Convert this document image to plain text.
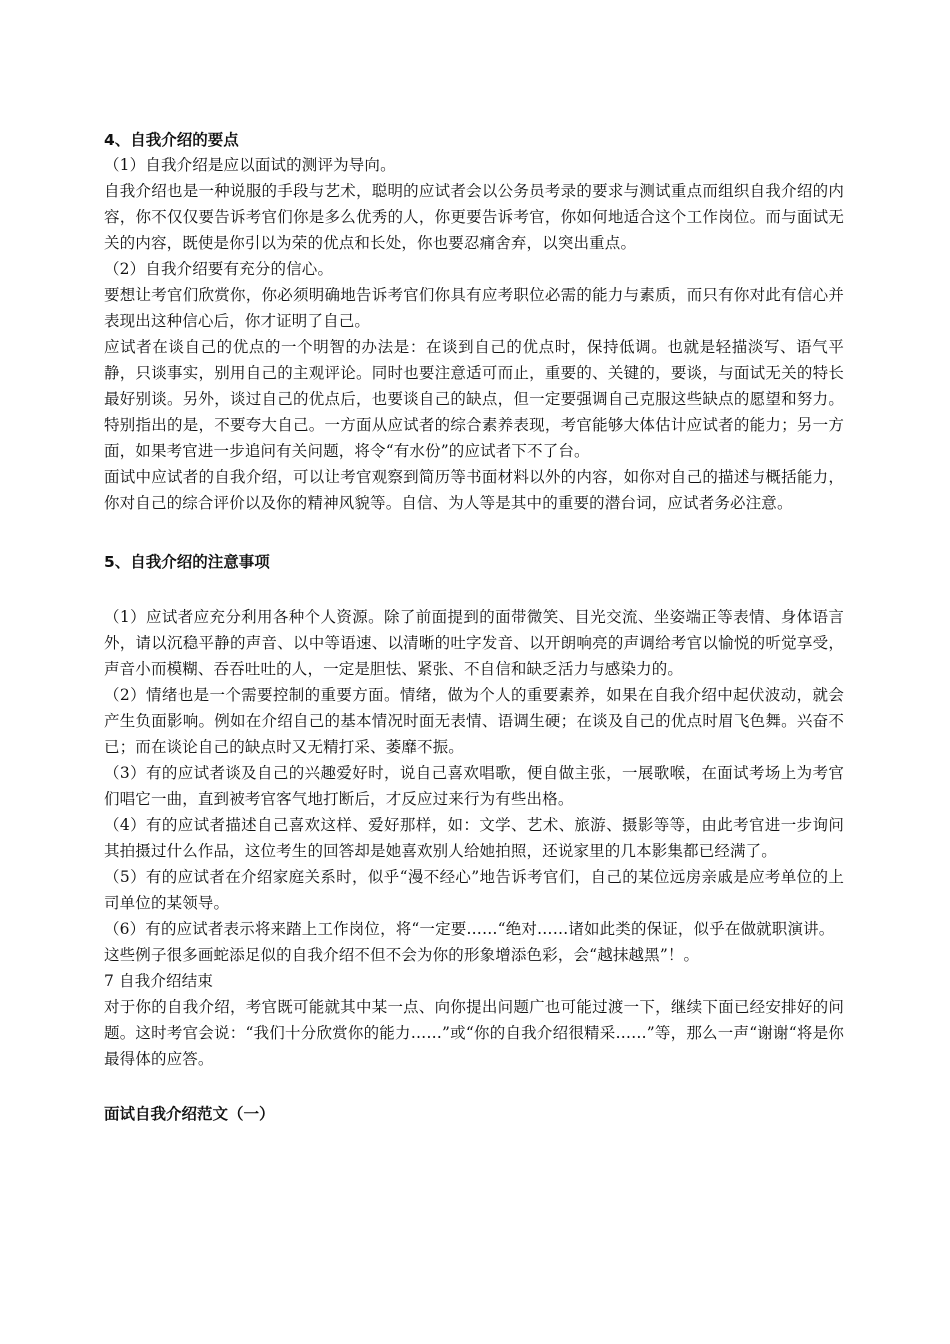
4、自我介绍的要点

（1）自我介绍是应以面试的测评为导向。

自我介绍也是一种说服的手段与艺术，聪明的应试者会以公务员考录的要求与测试重点而组织自我介绍的内容，你不仅仅要告诉考官们你是多么优秀的人，你更要告诉考官，你如何地适合这个工作岗位。而与面试无关的内容，既使是你引以为荣的优点和长处，你也要忍痛舍弃，以突出重点。

（2）自我介绍要有充分的信心。

要想让考官们欣赏你，你必须明确地告诉考官们你具有应考职位必需的能力与素质，而只有你对此有信心并表现出这种信心后，你才证明了自己。

应试者在谈自己的优点的一个明智的办法是：在谈到自己的优点时，保持低调。也就是轻描淡写、语气平静，只谈事实，别用自己的主观评论。同时也要注意适可而止，重要的、关键的，要谈，与面试无关的特长最好别谈。另外，谈过自己的优点后，也要谈自己的缺点，但一定要强调自己克服这些缺点的愿望和努力。特别指出的是，不要夸大自己。一方面从应试者的综合素养表现，考官能够大体估计应试者的能力；另一方面，如果考官进一步追问有关问题，将令“有水份”的应试者下不了台。

面试中应试者的自我介绍，可以让考官观察到简历等书面材料以外的内容，如你对自己的描述与概括能力，你对自己的综合评价以及你的精神风貌等。自信、为人等是其中的重要的潜台词，应试者务必注意。

5、自我介绍的注意事项

（1）应试者应充分利用各种个人资源。除了前面提到的面带微笑、目光交流、坐姿端正等表情、身体语言外，请以沉稳平静的声音、以中等语速、以清晰的吐字发音、以开朗响亮的声调给考官以愉悦的听觉享受，声音小而模糊、吞吞吐吐的人，一定是胆怯、紧张、不自信和缺乏活力与感染力的。

（2）情绪也是一个需要控制的重要方面。情绪，做为个人的重要素养，如果在自我介绍中起伏波动，就会产生负面影响。例如在介绍自己的基本情况时面无表情、语调生硬；在谈及自己的优点时眉飞色舞。兴奋不已；而在谈论自己的缺点时又无精打采、萎靡不振。

（3）有的应试者谈及自己的兴趣爱好时，说自己喜欢唱歌，便自做主张，一展歌喉，在面试考场上为考官们唱它一曲，直到被考官客气地打断后，才反应过来行为有些出格。

（4）有的应试者描述自己喜欢这样、爱好那样，如：文学、艺术、旅游、摄影等等，由此考官进一步询问其拍摄过什么作品，这位考生的回答却是她喜欢别人给她拍照，还说家里的几本影集都已经满了。

（5）有的应试者在介绍家庭关系时，似乎“漫不经心”地告诉考官们，自己的某位远房亲戚是应考单位的上司单位的某领导。

（6）有的应试者表示将来踏上工作岗位，将“一定要……“绝对……诸如此类的保证，似乎在做就职演讲。

这些例子很多画蛇添足似的自我介绍不但不会为你的形象增添色彩，会“越抹越黑”！。

7 自我介绍结束

对于你的自我介绍，考官既可能就其中某一点、向你提出问题广也可能过渡一下，继续下面已经安排好的问题。这时考官会说：“我们十分欣赏你的能力……”或“你的自我介绍很精采……”等，那么一声“谢谢“将是你最得体的应答。

面试自我介绍范文（一）
